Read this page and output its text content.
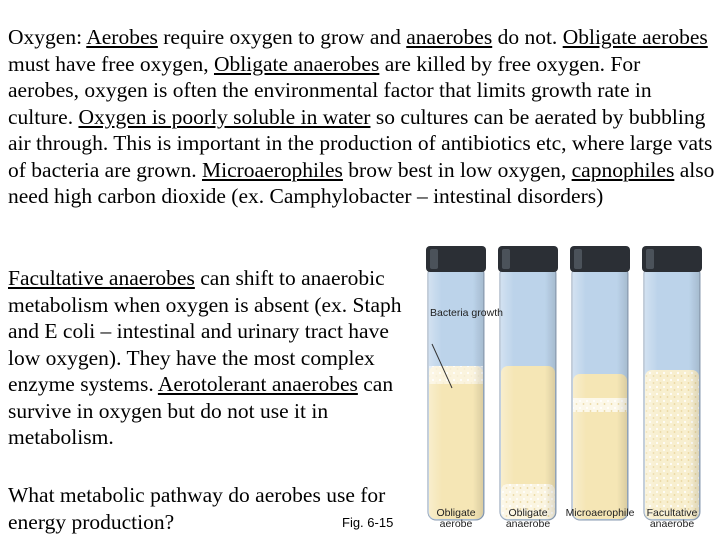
Oxygen: Aerobes require oxygen to grow and anaerobes do not. Obligate aerobes must have free oxygen, Obligate anaerobes are killed by free oxygen. For aerobes, oxygen is often the environmental factor that limits growth rate in culture. Oxygen is poorly soluble in water so cultures can be aerated by bubbling air through. This is important in the production of antibiotics etc, where large vats of bacteria are grown. Microaerophiles brow best in low oxygen, capnophiles also need high carbon dioxide (ex. Camphylobacter – intestinal disorders)

Facultative anaerobes can shift to anaerobic metabolism when oxygen is absent (ex. Staph and E coli – intestinal and urinary tract have low oxygen). They have the most complex enzyme systems. Aerotolerant anaerobes can survive in oxygen but do not use it in metabolism.

What metabolic pathway do aerobes use for energy production?	Fig. 6-15
Bacteria growth
Obligate aerobe
Obligate anaerobe
Microaerophile	Facultative anaerobe
